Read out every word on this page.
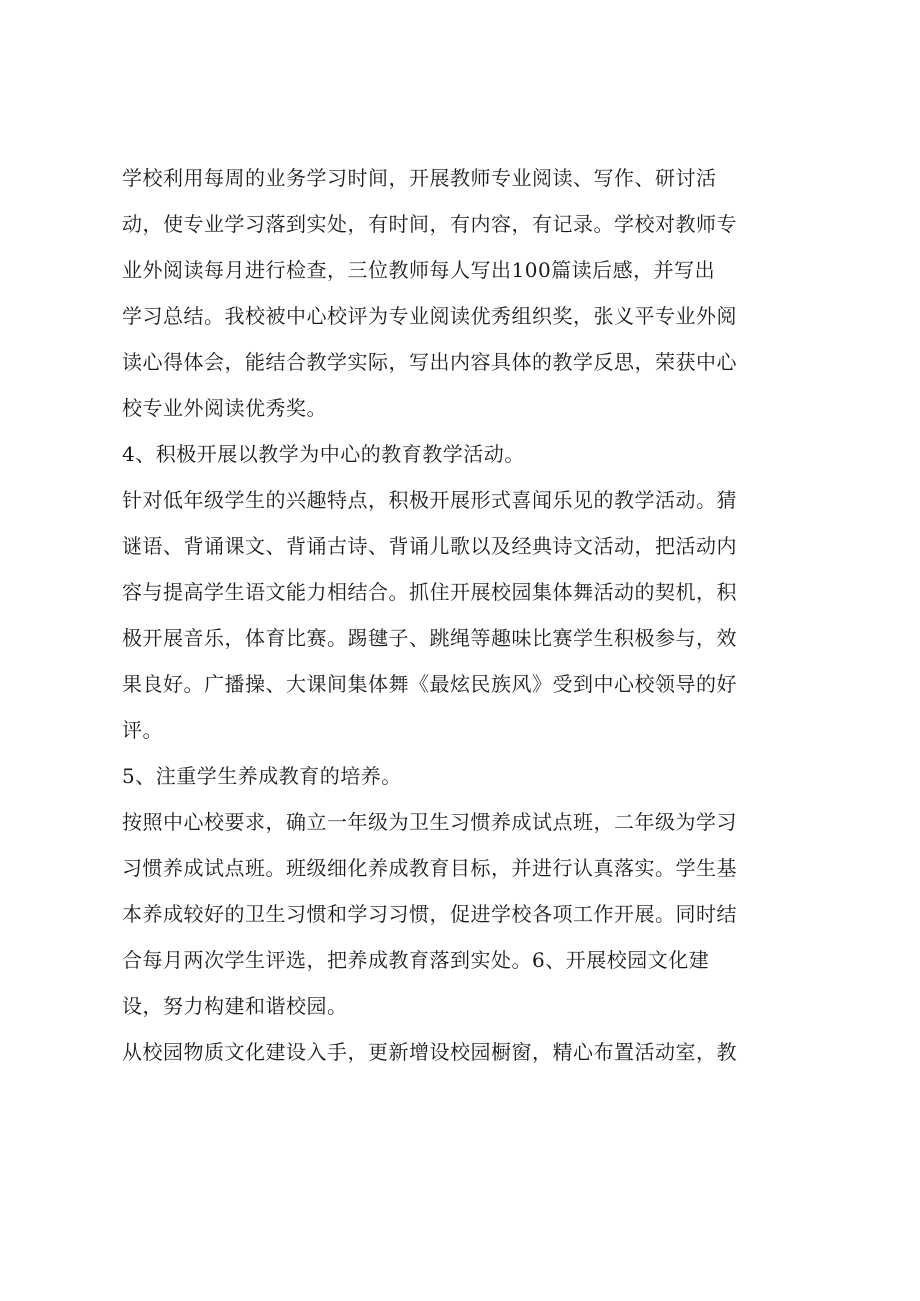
学校利用每周的业务学习时间，开展教师专业阅读、写作、研讨活
动，使专业学习落到实处，有时间，有内容，有记录。学校对教师专
业外阅读每月进行检查，三位教师每人写出100篇读后感，并写出
学习总结。我校被中心校评为专业阅读优秀组织奖，张义平专业外阅
读心得体会，能结合教学实际，写出内容具体的教学反思，荣获中心
校专业外阅读优秀奖。
4、积极开展以教学为中心的教育教学活动。
针对低年级学生的兴趣特点，积极开展形式喜闻乐见的教学活动。猜
谜语、背诵课文、背诵古诗、背诵儿歌以及经典诗文活动，把活动内
容与提高学生语文能力相结合。抓住开展校园集体舞活动的契机，积
极开展音乐，体育比赛。踢毽子、跳绳等趣味比赛学生积极参与，效
果良好。广播操、大课间集体舞《最炫民族风》受到中心校领导的好
评。
5、注重学生养成教育的培养。
按照中心校要求，确立一年级为卫生习惯养成试点班，二年级为学习
习惯养成试点班。班级细化养成教育目标，并进行认真落实。学生基
本养成较好的卫生习惯和学习习惯，促进学校各项工作开展。同时结
合每月两次学生评选，把养成教育落到实处。6、开展校园文化建
设，努力构建和谐校园。
从校园物质文化建设入手，更新增设校园橱窗，精心布置活动室，教
